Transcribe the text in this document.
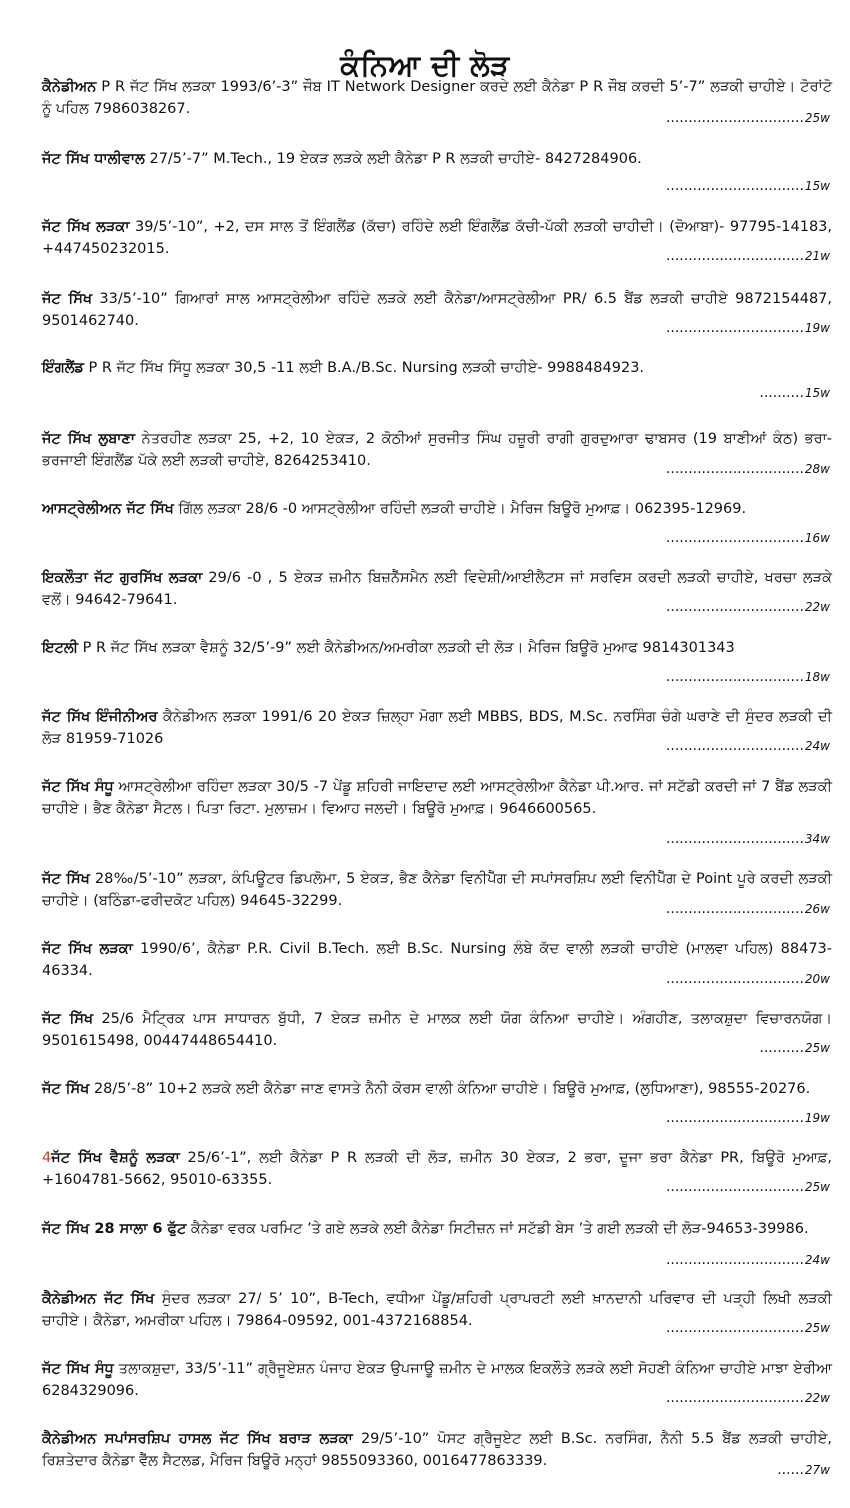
ਕੰਨਿਆ ਦੀ ਲੋੜ

ਕੈਨੇਡੀਅਨ P R ਜੱਟ ਸਿੱਖ ਲੜਕਾ 1993/6’-3” ਜੌਬ IT Network Designer ਕਰਦੇ ਲਈ ਕੈਨੇਡਾ P R ਜੌਬ ਕਰਦੀ 5’-7” ਲੜਕੀ ਚਾਹੀਏ। ਟੋਰਾਂਟੋ ਨੂੰ ਪਹਿਲ 7986038267.

...............................25w

ਜੱਟ ਸਿੱਖ ਧਾਲੀਵਾਲ 27/5’-7” M.Tech., 19 ਏਕੜ ਲੜਕੇ ਲਈ ਕੈਨੇਡਾ P R ਲੜਕੀ ਚਾਹੀਏ- 8427284906.

...............................15w

ਜੱਟ ਸਿੱਖ ਲੜਕਾ 39/5’-10”, +2, ਦਸ ਸਾਲ ਤੋਂ ਇੰਗਲੈਂਡ (ਕੱਚਾ) ਰਹਿੰਦੇ ਲਈ ਇੰਗਲੈਂਡ ਕੱਚੀ-ਪੱਕੀ ਲੜਕੀ ਚਾਹੀਦੀ। (ਦੋਆਬਾ)- 97795-14183, +447450232015.	...............................21w

ਜੱਟ ਸਿੱਖ 33/5’-10” ਗਿਆਰਾਂ ਸਾਲ ਆਸਟ੍ਰੇਲੀਆ ਰਹਿੰਦੇ ਲੜਕੇ ਲਈ ਕੈਨੇਡਾ/ਆਸਟ੍ਰੇਲੀਆ PR/ 6.5 ਬੈਂਡ ਲੜਕੀ ਚਾਹੀਏ 9872154487, 9501462740.	...............................19w

ਇੰਗਲੈਂਡ P R ਜੱਟ ਸਿੱਖ ਸਿੱਧੂ ਲੜਕਾ 30,5 -11 ਲਈ B.A./B.Sc. Nursing ਲੜਕੀ ਚਾਹੀਏ- 9988484923.

..........15w

ਜੱਟ ਸਿੱਖ ਲੁਬਾਣਾ ਨੇਤਰਹੀਣ ਲੜਕਾ 25, +2, 10 ਏਕੜ, 2 ਕੋਠੀਆਂ ਸੁਰਜੀਤ ਸਿੰਘ ਹਜ਼ੂਰੀ ਰਾਗੀ ਗੁਰਦੁਆਰਾ ਢਾਬਸਰ (19 ਬਾਣੀਆਂ ਕੰਠ) ਭਰਾ-ਭਰਜਾਈ ਇੰਗਲੈਂਡ ਪੱਕੇ ਲਈ ਲੜਕੀ ਚਾਹੀਏ, 8264253410.	...............................28w

ਆਸਟ੍ਰੇਲੀਅਨ ਜੱਟ ਸਿੱਖ ਗਿੱਲ ਲੜਕਾ 28/6 -0 ਆਸਟ੍ਰੇਲੀਆ ਰਹਿੰਦੀ ਲੜਕੀ ਚਾਹੀਏ। ਮੈਰਿਜ ਬਿਊਰੋ ਮੁਆਫ਼। 062395-12969.

...............................16w

ਇਕਲੌਤਾ ਜੱਟ ਗੁਰਸਿੱਖ ਲੜਕਾ 29/6 -0 , 5 ਏਕੜ ਜ਼ਮੀਨ ਬਿਜ਼ਨੈੱਸਮੈਨ ਲਈ ਵਿਦੇਸ਼ੀ/ਆਈਲੈਟਸ ਜਾਂ ਸਰਵਿਸ ਕਰਦੀ ਲੜਕੀ ਚਾਹੀਏ, ਖਰਚਾ ਲੜਕੇ ਵਲੋਂ। 94642-79641.	...............................22w

ਇਟਲੀ P R ਜੱਟ ਸਿੱਖ ਲੜਕਾ ਵੈਸ਼ਨੂੰ 32/5’-9” ਲਈ ਕੈਨੇਡੀਅਨ/ਅਮਰੀਕਾ ਲੜਕੀ ਦੀ ਲੋੜ। ਮੈਰਿਜ ਬਿਊਰੋ ਮੁਆਫ 9814301343

...............................18w

ਜੱਟ ਸਿੱਖ ਇੰਜੀਨੀਅਰ ਕੈਨੇਡੀਅਨ ਲੜਕਾ 1991/6 20 ਏਕੜ ਜ਼ਿਲ੍ਹਾ ਮੋਗਾ ਲਈ MBBS, BDS, M.Sc. ਨਰਸਿੰਗ ਚੰਗੇ ਘਰਾਣੇ ਦੀ ਸੁੰਦਰ ਲੜਕੀ ਦੀ ਲੋੜ 81959-71026	...............................24w

ਜੱਟ ਸਿੱਖ ਸੰਧੂ ਆਸਟ੍ਰੇਲੀਆ ਰਹਿੰਦਾ ਲੜਕਾ 30/5 -7 ਪੇਂਡੂ ਸ਼ਹਿਰੀ ਜਾਇਦਾਦ ਲਈ ਆਸਟ੍ਰੇਲੀਆ ਕੈਨੇਡਾ ਪੀ.ਆਰ. ਜਾਂ ਸਟੱਡੀ ਕਰਦੀ ਜਾਂ 7 ਬੈਂਡ ਲੜਕੀ ਚਾਹੀਏ। ਭੈਣ ਕੈਨੇਡਾ ਸੈਟਲ। ਪਿਤਾ ਰਿਟਾ. ਮੁਲਾਜ਼ਮ। ਵਿਆਹ ਜਲਦੀ। ਬਿਊਰੋ ਮੁਆਫ਼। 9646600565.

...............................34w

ਜੱਟ ਸਿੱਖ 28‰/5’-10” ਲੜਕਾ, ਕੰਪਿਊਟਰ ਡਿਪਲੋਮਾ, 5 ਏਕੜ, ਭੈਣ ਕੈਨੇਡਾ ਵਿਨੀਪੈੱਗ ਦੀ ਸਪਾਂਸਰਸ਼ਿਪ ਲਈ ਵਿਨੀਪੈੱਗ ਦੇ Point ਪੂਰੇ ਕਰਦੀ ਲੜਕੀ ਚਾਹੀਏ। (ਬਠਿੰਡਾ-ਫਰੀਦਕੋਟ ਪਹਿਲ) 94645-32299.	...............................26w

ਜੱਟ ਸਿੱਖ ਲੜਕਾ 1990/6’, ਕੈਨੇਡਾ P.R. Civil B.Tech. ਲਈ B.Sc. Nursing ਲੰਬੇ ਕੱਦ ਵਾਲੀ ਲੜਕੀ ਚਾਹੀਏ (ਮਾਲਵਾ ਪਹਿਲ) 88473-46334.	...............................20w

ਜੱਟ ਸਿੱਖ 25/6 ਮੈਟ੍ਰਿਕ ਪਾਸ ਸਾਧਾਰਨ ਬੁੱਧੀ, 7 ਏਕੜ ਜ਼ਮੀਨ ਦੇ ਮਾਲਕ ਲਈ ਯੋਗ ਕੰਨਿਆ ਚਾਹੀਏ। ਅੰਗਹੀਣ, ਤਲਾਕਸ਼ੁਦਾ ਵਿਚਾਰਨਯੋਗ। 9501615498, 00447448654410.	..........25w

ਜੱਟ ਸਿੱਖ 28/5’-8” 10+2 ਲੜਕੇ ਲਈ ਕੈਨੇਡਾ ਜਾਣ ਵਾਸਤੇ ਨੈਨੀ ਕੋਰਸ ਵਾਲੀ ਕੰਨਿਆ ਚਾਹੀਏ। ਬਿਊਰੋ ਮੁਆਫ਼, (ਲੁਧਿਆਣਾ), 98555-20276.

...............................19w

4ਜੱਟ ਸਿੱਖ ਵੈਸ਼ਨੂੰ ਲੜਕਾ 25/6’-1”, ਲਈ ਕੈਨੇਡਾ P R ਲੜਕੀ ਦੀ ਲੋੜ, ਜ਼ਮੀਨ 30 ਏਕੜ, 2 ਭਰਾ, ਦੂਜਾ ਭਰਾ ਕੈਨੇਡਾ PR, ਬਿਊਰੋ ਮੁਆਫ਼, +1604781-5662, 95010-63355.	...............................25w

ਜੱਟ ਸਿੱਖ 28 ਸਾਲਾ 6 ਫੁੱਟ ਕੈਨੇਡਾ ਵਰਕ ਪਰਮਿਟ ’ਤੇ ਗਏ ਲੜਕੇ ਲਈ ਕੈਨੇਡਾ ਸਿਟੀਜ਼ਨ ਜਾਂ ਸਟੱਡੀ ਬੇਸ ’ਤੇ ਗਈ ਲੜਕੀ ਦੀ ਲੋੜ-94653-39986.

...............................24w

ਕੈਨੇਡੀਅਨ ਜੱਟ ਸਿੱਖ ਸੁੰਦਰ ਲੜਕਾ 27/ 5’ 10”, B-Tech, ਵਧੀਆ ਪੇਂਡੂ/ਸ਼ਹਿਰੀ ਪ੍ਰਾਪਰਟੀ ਲਈ ਖ਼ਾਨਦਾਨੀ ਪਰਿਵਾਰ ਦੀ ਪੜ੍ਹੀ ਲਿਖੀ ਲੜਕੀ ਚਾਹੀਏ। ਕੈਨੇਡਾ, ਅਮਰੀਕਾ ਪਹਿਲ। 79864-09592, 001-4372168854.	...............................25w

ਜੱਟ ਸਿੱਖ ਸੰਧੂ ਤਲਾਕਸ਼ੁਦਾ, 33/5’-11” ਗ੍ਰੈਜੂਏਸ਼ਨ ਪੰਜਾਹ ਏਕੜ ਉਪਜਾਊ ਜ਼ਮੀਨ ਦੇ ਮਾਲਕ ਇਕਲੌਤੇ ਲੜਕੇ ਲਈ ਸੋਹਣੀ ਕੰਨਿਆ ਚਾਹੀਏ ਮਾਝਾ ਏਰੀਆ 6284329096.	...............................22w

ਕੈਨੇਡੀਅਨ ਸਪਾਂਸਰਸ਼ਿਪ ਹਾਸਲ ਜੱਟ ਸਿੱਖ ਬਰਾੜ ਲੜਕਾ 29/5’-10” ਪੋਸਟ ਗ੍ਰੈਜੂਏਟ ਲਈ B.Sc. ਨਰਸਿੰਗ, ਨੈਨੀ 5.5 ਬੈਂਡ ਲੜਕੀ ਚਾਹੀਏ, ਰਿਸ਼ਤੇਦਾਰ ਕੈਨੇਡਾ ਵੈੱਲ ਸੈਟਲਡ, ਮੈਰਿਜ ਬਿਊਰੋ ਮਨ੍ਹਾਂ 9855093360, 0016477863339.

......27w
